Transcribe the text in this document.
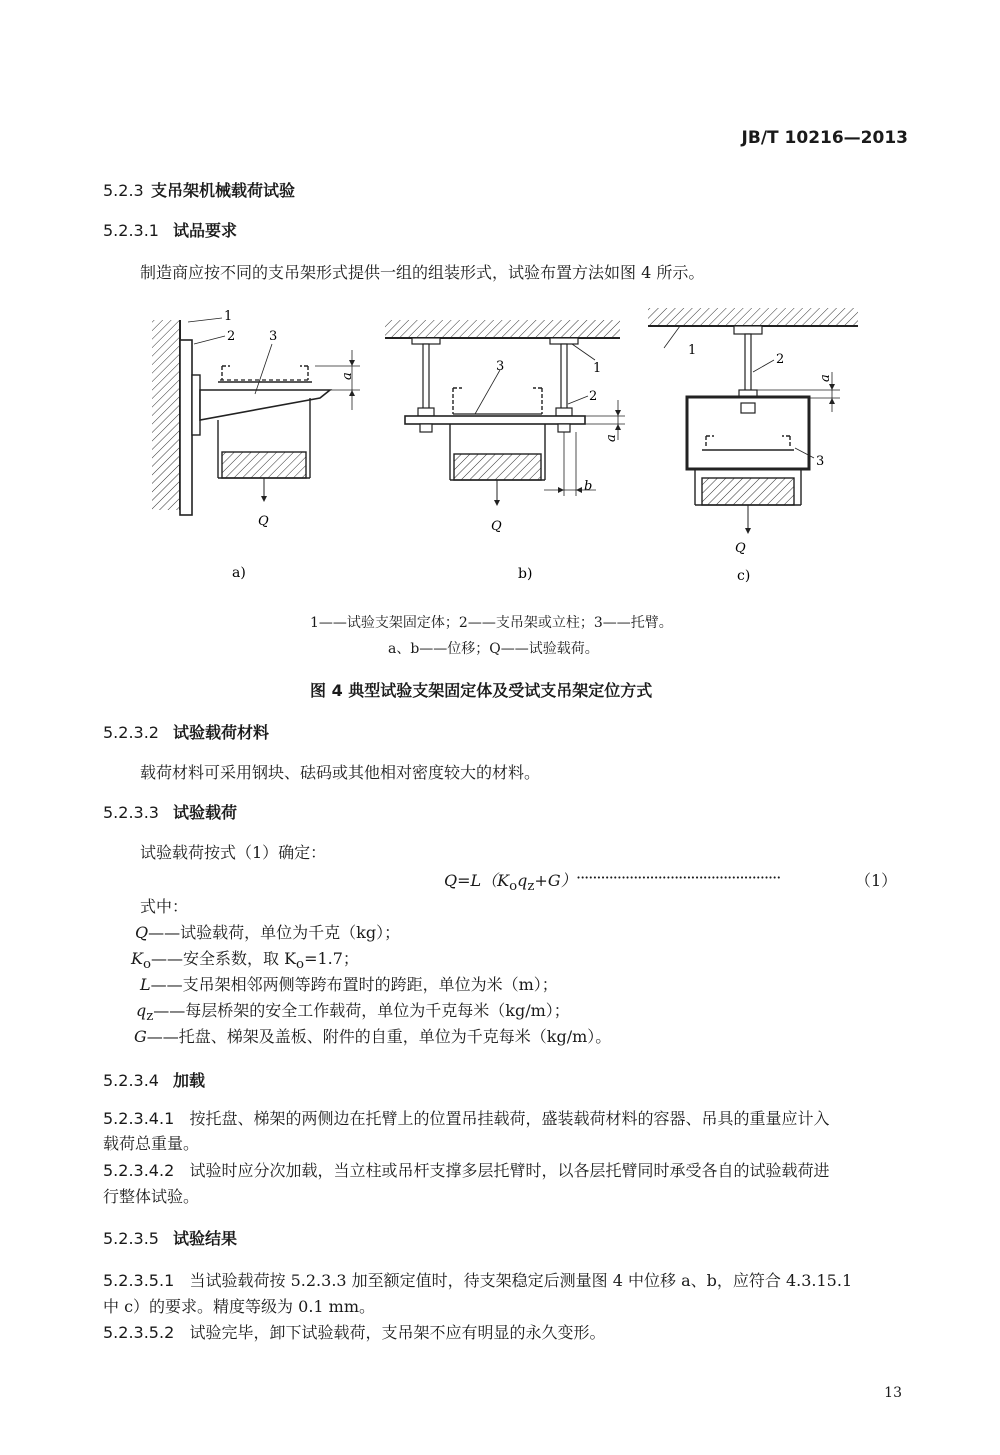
JB/T 10216—2013
5.2.3 支吊架机械载荷试验
5.2.3.1 试品要求
制造商应按不同的支吊架形式提供一组的组装形式，试验布置方法如图 4 所示。
1
2	3
a
Q
a)
1
2
3
a
b
Q
b)
1
2
3
a
Q
c)
1——试验支架固定体；2——支吊架或立柱；3——托臂。
a、b——位移；Q——试验载荷。
图 4 典型试验支架固定体及受试支吊架定位方式
5.2.3.2 试验载荷材料
载荷材料可采用钢块、砝码或其他相对密度较大的材料。
5.2.3.3 试验载荷
试验载荷按式（1）确定：
$Q=L(K_oq_z+G)$ ··················································	（1）
式中：
Q——试验载荷，单位为千克（kg）；
$K_o——$安全系数，取 $K_o=1.7$；
L——支吊架相邻两侧等跨布置时的跨距，单位为米（m）；
$q_z——$每层桥架的安全工作载荷，单位为千克每米（kg/m）；
G——托盘、梯架及盖板、附件的自重，单位为千克每米（kg/m）。
5.2.3.4 加载
5.2.3.4.1 按托盘、梯架的两侧边在托臂上的位置吊挂载荷，盛装载荷材料的容器、吊具的重量应计入
载荷总重量。
5.2.3.4.2 试验时应分次加载，当立柱或吊杆支撑多层托臂时，以各层托臂同时承受各自的试验载荷进
行整体试验。
5.2.3.5 试验结果
5.2.3.5.1 当试验载荷按 5.2.3.3 加至额定值时，待支架稳定后测量图 4 中位移 a、b，应符合 4.3.15.1
中 c）的要求。精度等级为 0.1 mm。
5.2.3.5.2 试验完毕，卸下试验载荷，支吊架不应有明显的永久变形。
13
